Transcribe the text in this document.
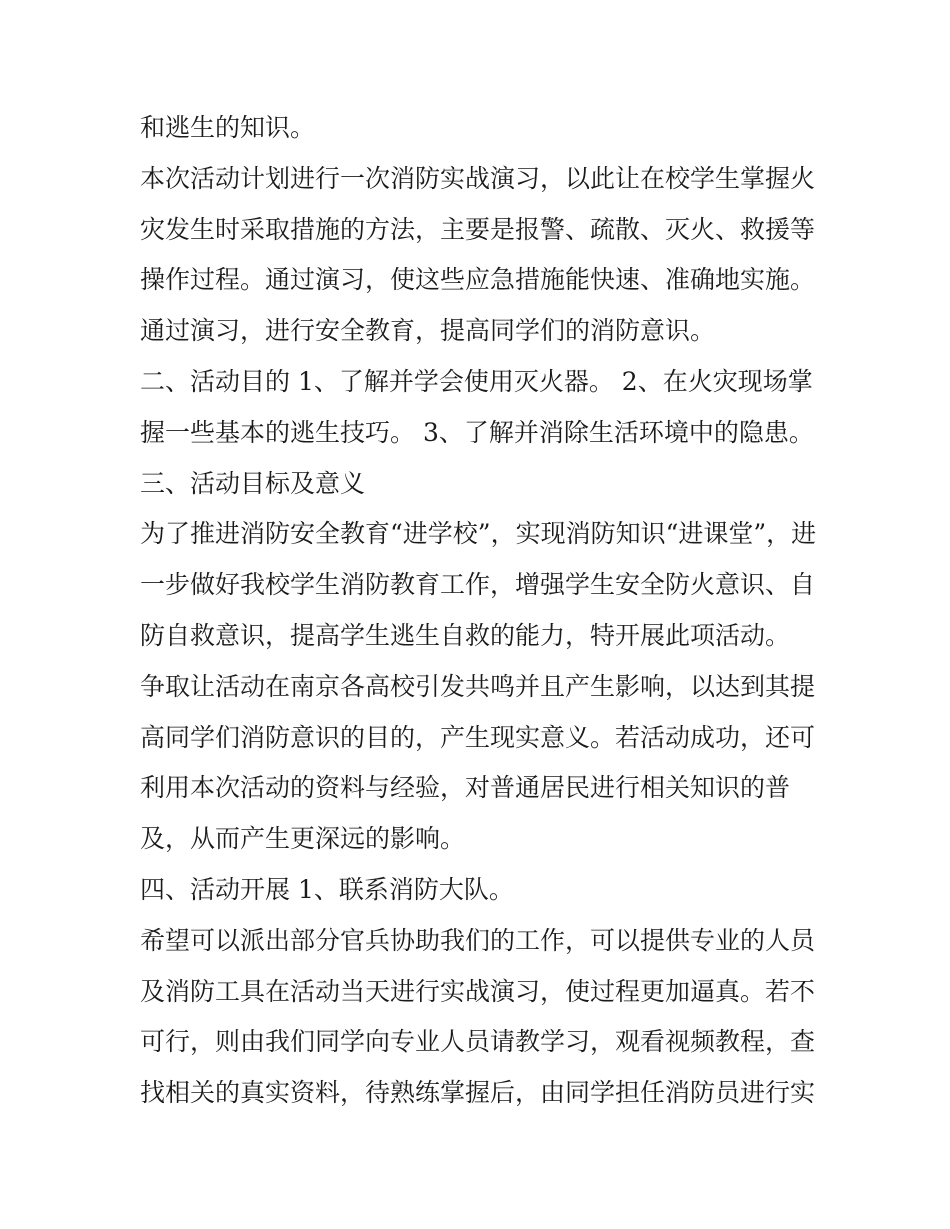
和逃生的知识。
本次活动计划进行一次消防实战演习，以此让在校学生掌握火
灾发生时采取措施的方法，主要是报警、疏散、灭火、救援等
操作过程。通过演习，使这些应急措施能快速、准确地实施。
通过演习，进行安全教育，提高同学们的消防意识。
二、活动目的 1、了解并学会使用灭火器。 2、在火灾现场掌
握一些基本的逃生技巧。 3、了解并消除生活环境中的隐患。
三、活动目标及意义
为了推进消防安全教育“进学校”，实现消防知识“进课堂”，进
一步做好我校学生消防教育工作，增强学生安全防火意识、自
防自救意识，提高学生逃生自救的能力，特开展此项活动。
争取让活动在南京各高校引发共鸣并且产生影响，以达到其提
高同学们消防意识的目的，产生现实意义。若活动成功，还可
利用本次活动的资料与经验，对普通居民进行相关知识的普
及，从而产生更深远的影响。
四、活动开展 1、联系消防大队。
希望可以派出部分官兵协助我们的工作，可以提供专业的人员
及消防工具在活动当天进行实战演习，使过程更加逼真。若不
可行，则由我们同学向专业人员请教学习，观看视频教程，查
找相关的真实资料，待熟练掌握后，由同学担任消防员进行实
